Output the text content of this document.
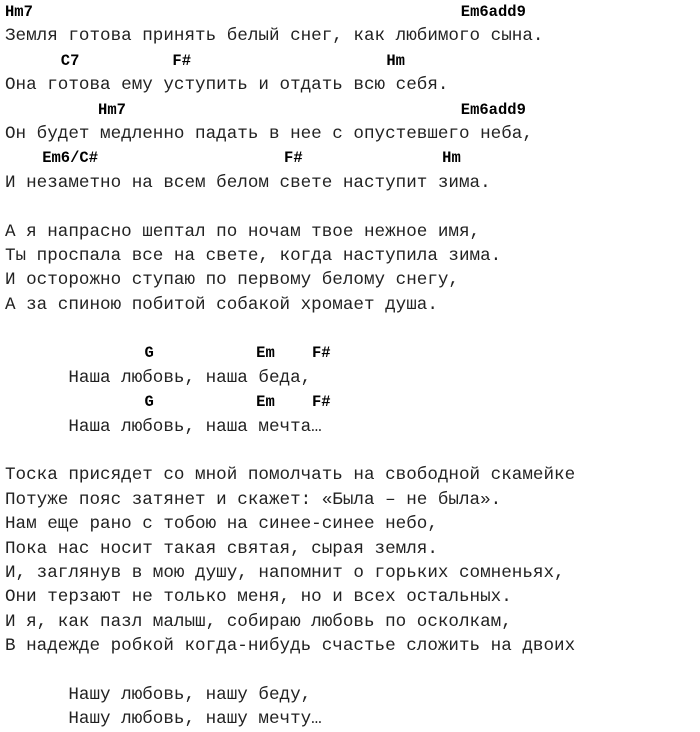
Hm7                                              Em6add9
Земля готова принять белый снег, как любимого сына.
C7          F#                     Hm
Она готова ему уступить и отдать всю себя.
Hm7                                    Em6add9
Он будет медленно падать в нее с опустевшего неба,
Em6/C#                    F#               Hm
И незаметно на всем белом свете наступит зима.
А я напрасно шептал по ночам твое нежное имя,
Ты проспала все на свете, когда наступила зима.
И осторожно ступаю по первому белому снегу,
А за спиною побитой собакой хромает душа.
G           Em    F#
Наша любовь, наша беда,
G           Em    F#
Наша любовь, наша мечта…
Тоска присядет со мной помолчать на свободной скамейке
Потуже пояс затянет и скажет: «Была – не была».
Нам еще рано с тобою на синее-синее небо,
Пока нас носит такая святая, сырая земля.
И, заглянув в мою душу, напомнит о горьких сомненьях,
Они терзают не только меня, но и всех остальных.
И я, как пазл малыш, собираю любовь по осколкам,
В надежде робкой когда-нибудь счастье сложить на двоих
Нашу любовь, нашу беду,
Нашу любовь, нашу мечту…
